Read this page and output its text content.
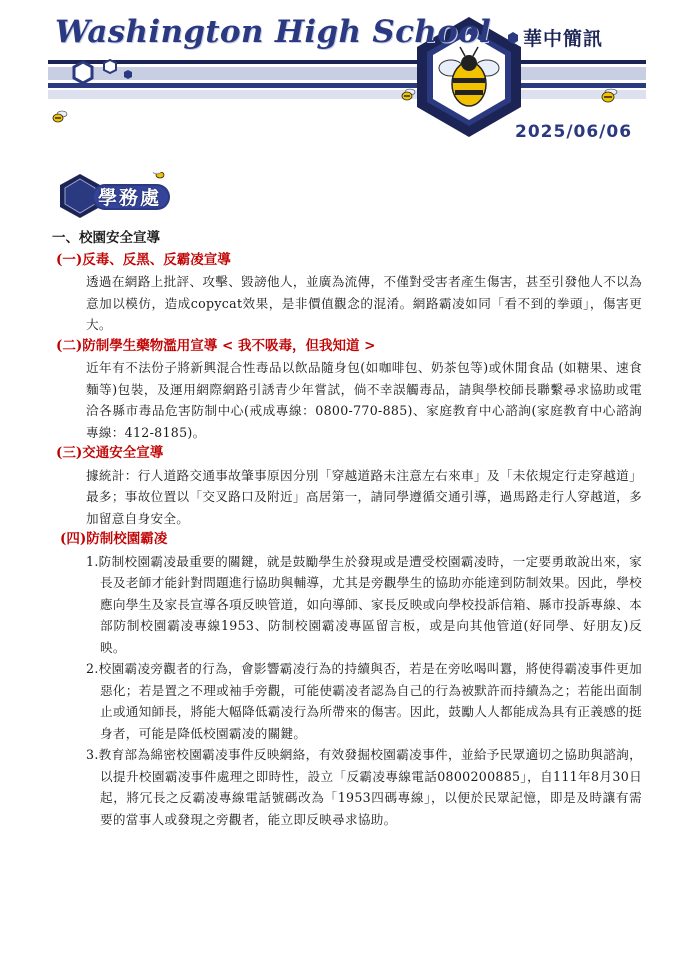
Washington High School 華中簡訊
2025/06/06
學務處

一、校園安全宣導

(一)反毒、反黑、反霸凌宣導

透過在網路上批評、攻擊、毀謗他人，並廣為流傳，不僅對受害者產生傷害，甚至引發他人不以為意加以模仿，造成copycat效果，是非價值觀念的混淆。網路霸凌如同「看不到的拳頭」，傷害更大。

(二)防制學生藥物濫用宣導 < 我不吸毒，但我知道 >

近年有不法份子將新興混合性毒品以飲品隨身包(如咖啡包、奶茶包等)或休閒食品 (如糖果、速食麵等)包裝，及運用網際網路引誘青少年嘗試，倘不幸誤觸毒品，請與學校師長聯繫尋求協助或電洽各縣市毒品危害防制中心(戒成專線：0800-770-885)、家庭教育中心諮詢(家庭教育中心諮詢專線：412-8185)。

(三)交通安全宣導

據統計：行人道路交通事故肇事原因分別「穿越道路未注意左右來車」及「未依規定行走穿越道」最多；事故位置以「交叉路口及附近」高居第一，請同學遵循交通引導，過馬路走行人穿越道，多加留意自身安全。

(四)防制校園霸凌

1.防制校園霸凌最重要的關鍵，就是鼓勵學生於發現或是遭受校園霸凌時，一定要勇敢說出來，家長及老師才能針對問題進行協助與輔導，尤其是旁觀學生的協助亦能達到防制效果。因此，學校應向學生及家長宣導各項反映管道，如向導師、家長反映或向學校投訴信箱、縣市投訴專線、本部防制校園霸凌專線1953、防制校園霸凌專區留言板，或是向其他管道(好同學、好朋友)反映。

2.校園霸凌旁觀者的行為，會影響霸凌行為的持續與否，若是在旁吆喝叫囂，將使得霸凌事件更加惡化；若是置之不理或袖手旁觀，可能使霸凌者認為自己的行為被默許而持續為之；若能出面制止或通知師長，將能大幅降低霸凌行為所帶來的傷害。因此，鼓勵人人都能成為具有正義感的挺身者，可能是降低校園霸凌的關鍵。

3.教育部為綿密校園霸凌事件反映網絡，有效發掘校園霸凌事件，並給予民眾適切之協助與諮詢，以提升校園霸凌事件處理之即時性，設立「反霸凌專線電話0800200885」，自111年8月30日起，將冗長之反霸凌專線電話號碼改為「1953四碼專線」，以便於民眾記憶，即是及時讓有需要的當事人或發現之旁觀者，能立即反映尋求協助。
